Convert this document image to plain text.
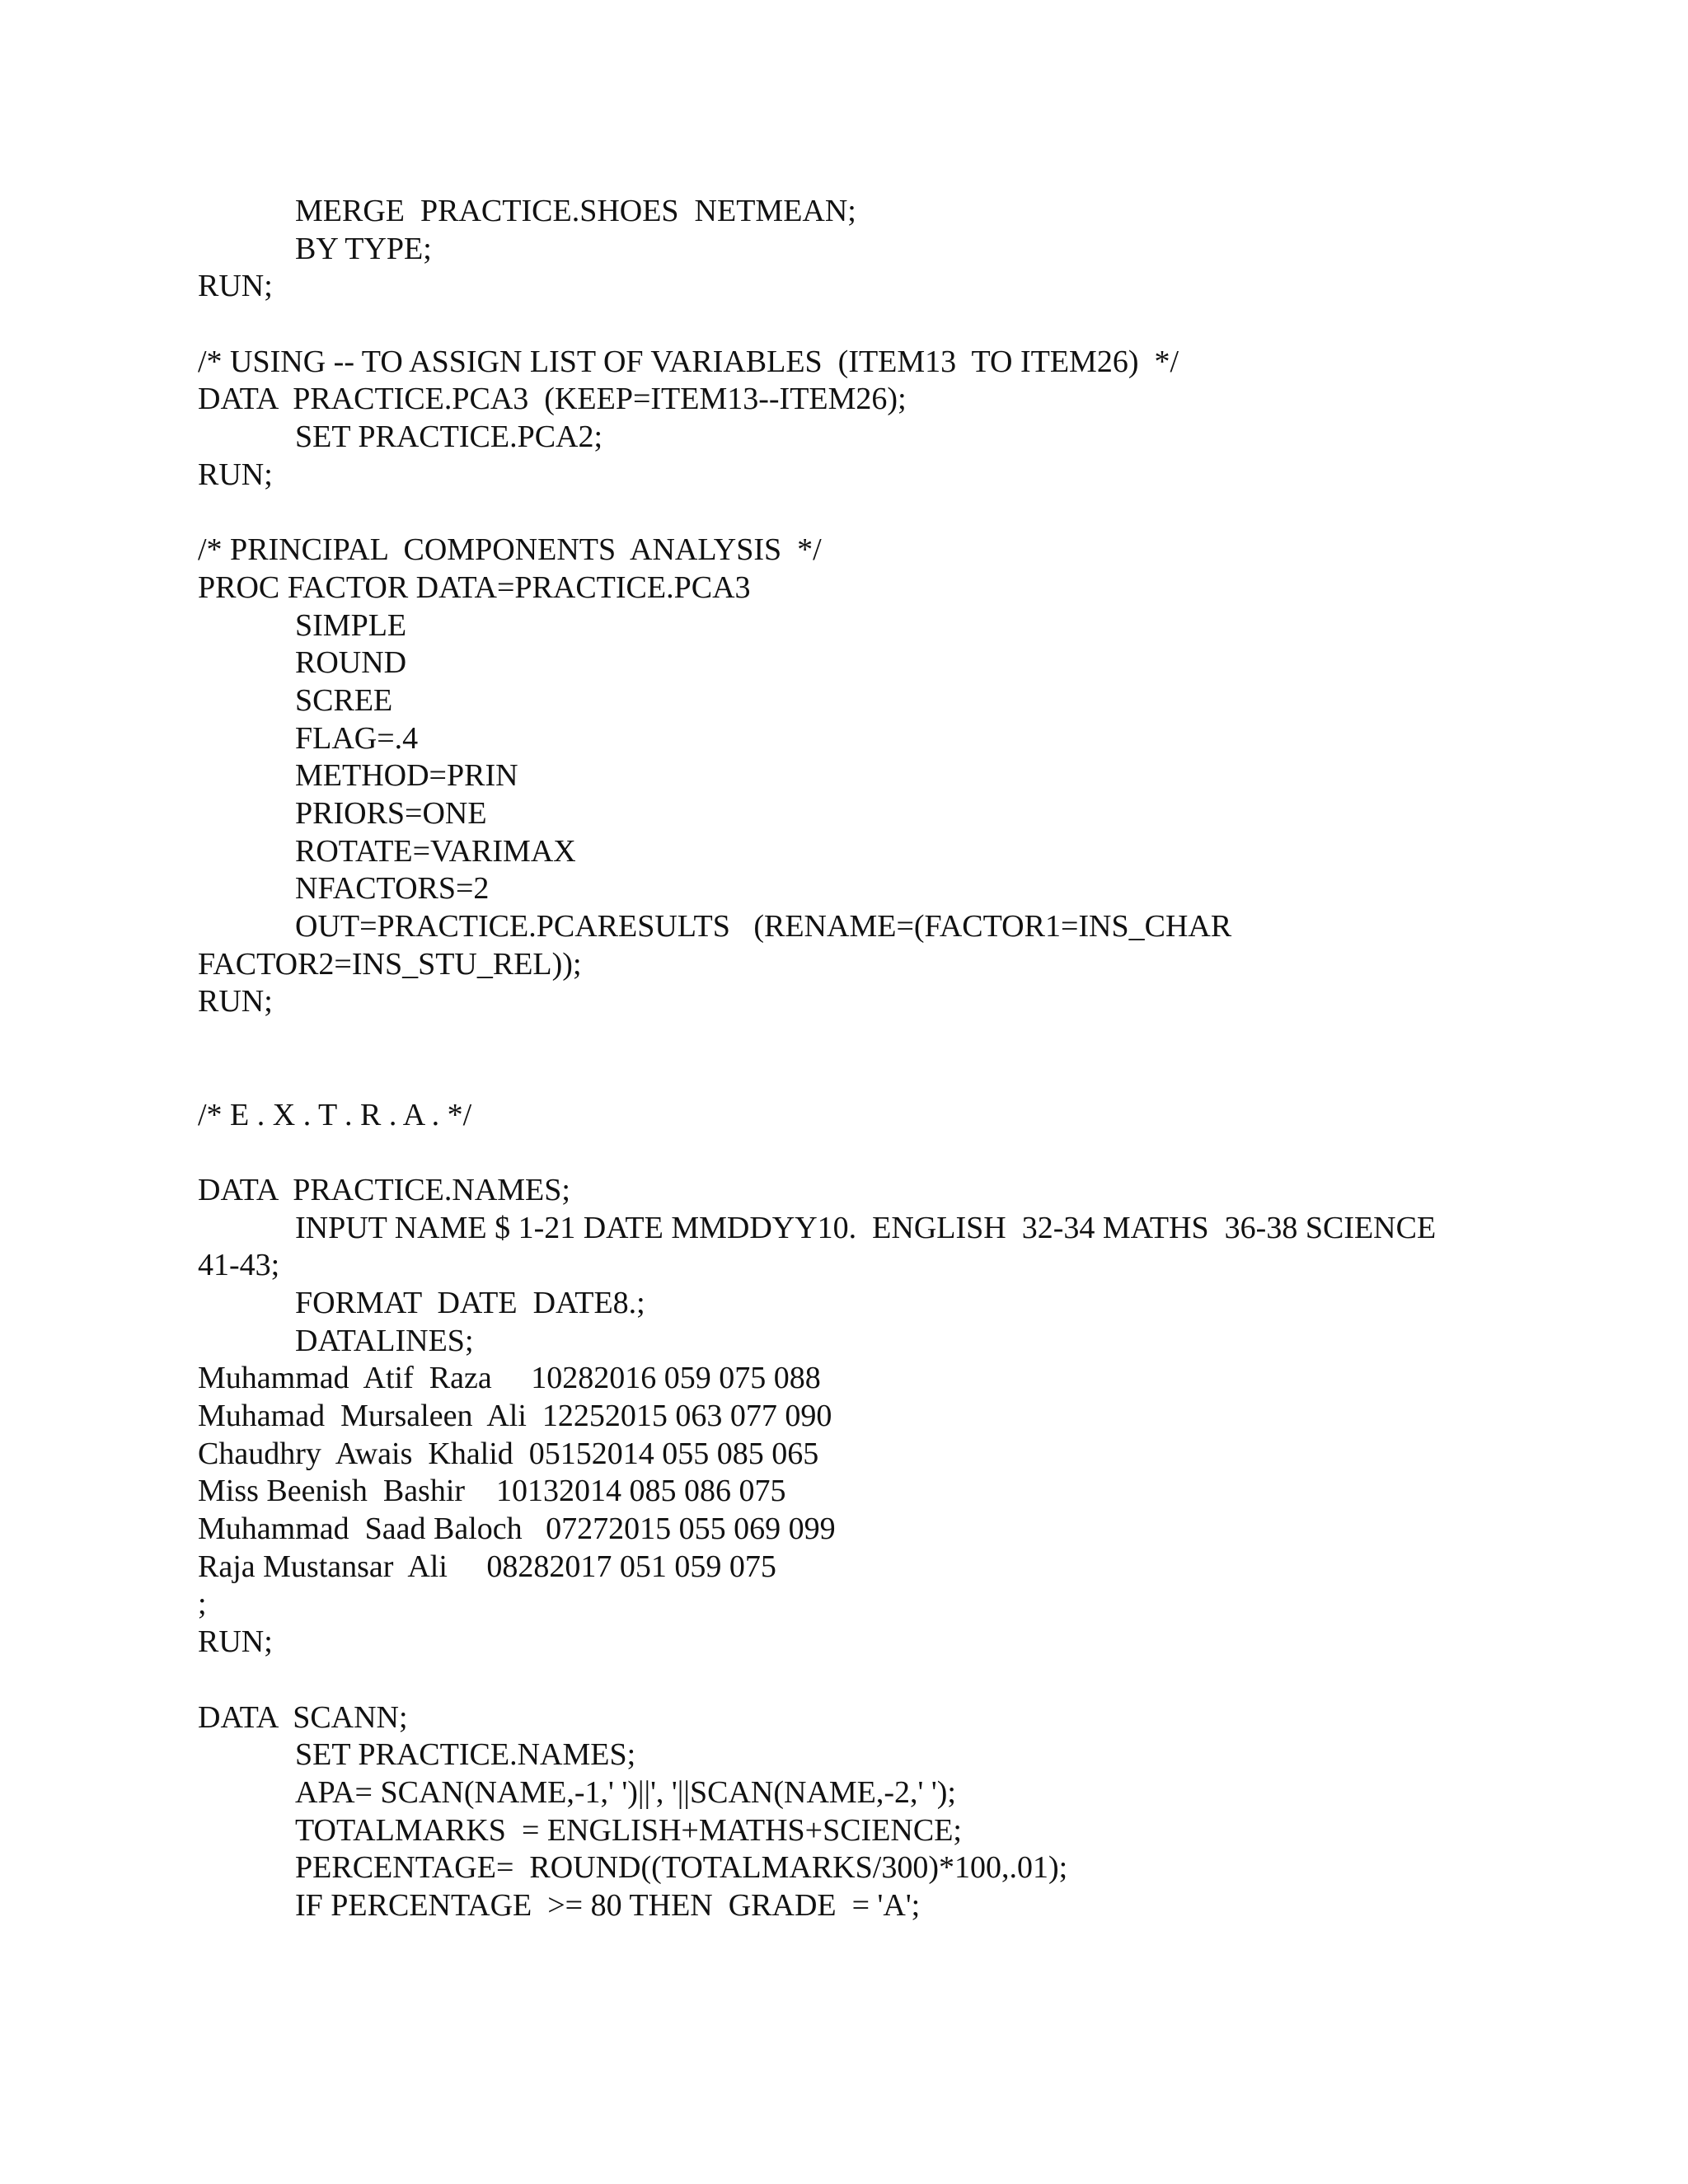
MERGE  PRACTICE.SHOES  NETMEAN;
BY TYPE;
RUN;
/* USING -- TO ASSIGN LIST OF VARIABLES  (ITEM13  TO ITEM26)  */
DATA  PRACTICE.PCA3  (KEEP=ITEM13--ITEM26);
SET PRACTICE.PCA2;
RUN;
/* PRINCIPAL  COMPONENTS  ANALYSIS  */
PROC FACTOR DATA=PRACTICE.PCA3
SIMPLE
ROUND
SCREE
FLAG=.4
METHOD=PRIN
PRIORS=ONE
ROTATE=VARIMAX
NFACTORS=2
OUT=PRACTICE.PCARESULTS   (RENAME=(FACTOR1=INS_CHAR
FACTOR2=INS_STU_REL));
RUN;
/* E . X . T . R . A . */
DATA  PRACTICE.NAMES;
INPUT NAME $ 1-21 DATE MMDDYY10.  ENGLISH  32-34 MATHS  36-38 SCIENCE
41-43;
FORMAT  DATE  DATE8.;
DATALINES;
Muhammad  Atif  Raza     10282016 059 075 088
Muhamad  Mursaleen  Ali  12252015 063 077 090
Chaudhry  Awais  Khalid  05152014 055 085 065
Miss Beenish  Bashir    10132014 085 086 075
Muhammad  Saad Baloch   07272015 055 069 099
Raja Mustansar  Ali     08282017 051 059 075
;
RUN;
DATA  SCANN;
SET PRACTICE.NAMES;
APA= SCAN(NAME,-1,' ')||', '||SCAN(NAME,-2,' ');
TOTALMARKS  = ENGLISH+MATHS+SCIENCE;
PERCENTAGE=  ROUND((TOTALMARKS/300)*100,.01);
IF PERCENTAGE  >= 80 THEN  GRADE  = 'A';
